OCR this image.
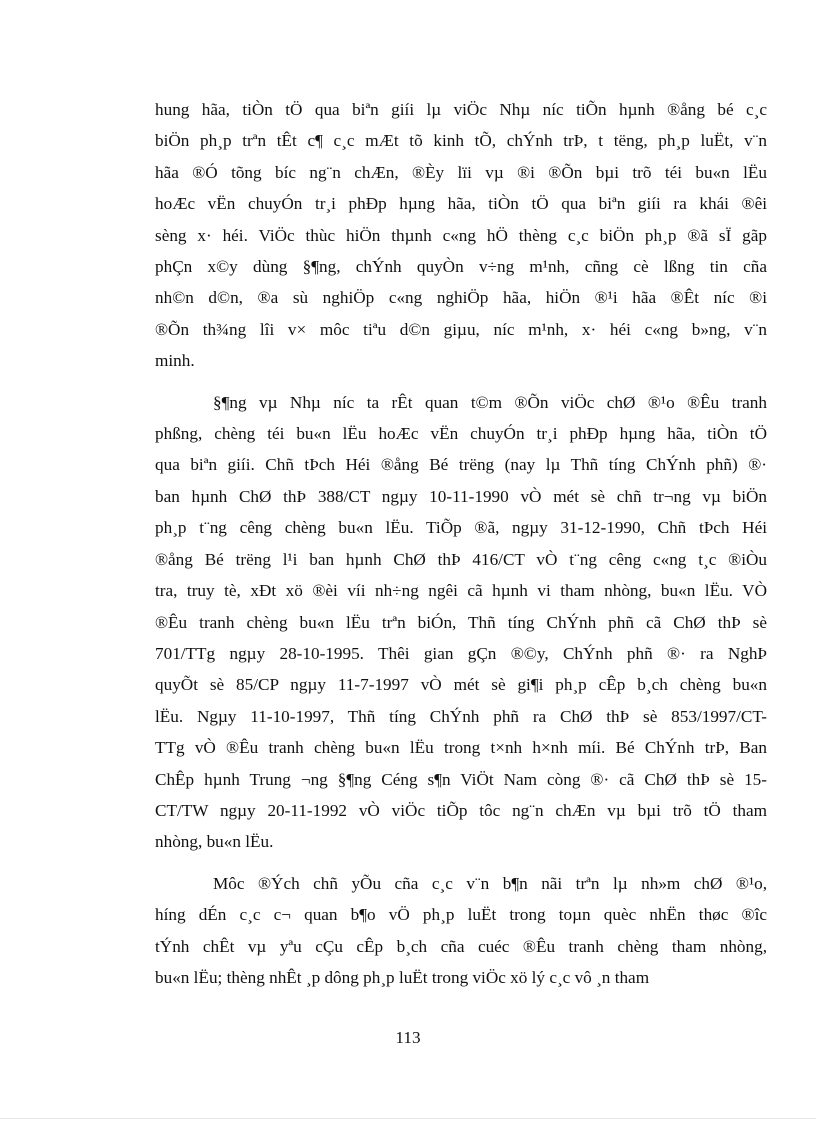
hung hãa, tiÒn tÖ qua biªn giíi lµ viÖc Nhµ níc tiÕn hµnh ®ång bé c¸c
biÖn ph¸p trªn tÊt c¶ c¸c mÆt tõ kinh tÕ, chÝnh trÞ, t tëng, ph¸p luËt, v¨n
hãa ®Ó tõng bíc ng¨n chÆn, ®Èy lïi vµ ®i ®Õn bµi trõ téi bu«n lËu
hoÆc vËn chuyÓn tr¸i phÐp hµng hãa, tiÒn tÖ qua biªn giíi ra khái ®êi
sèng x· héi. ViÖc thùc hiÖn thµnh c«ng hÖ thèng c¸c biÖn ph¸p ®ã sÏ gãp
phÇn x©y dùng §¶ng, chÝnh quyÒn v÷ng m¹nh, cñng cè lßng tin cña
nh©n d©n, ®a sù nghiÖp c«ng nghiÖp hãa, hiÖn ®¹i hãa ®Êt níc ®i
®Õn th¾ng lîi v× môc tiªu d©n giµu, níc m¹nh, x· héi c«ng b»ng, v¨n
minh.

§¶ng vµ Nhµ níc ta rÊt quan t©m ®Õn viÖc chØ ®¹o ®Êu tranh
phßng, chèng téi bu«n lËu hoÆc vËn chuyÓn tr¸i phÐp hµng hãa, tiÒn tÖ
qua biªn giíi. Chñ tÞch Héi ®ång Bé trëng (nay lµ Thñ tíng ChÝnh phñ) ®·
ban hµnh ChØ thÞ 388/CT ngµy 10-11-1990 vÒ mét sè chñ tr¬ng vµ biÖn
ph¸p t¨ng cêng chèng bu«n lËu. TiÕp ®ã, ngµy 31-12-1990, Chñ tÞch Héi
®ång Bé trëng l¹i ban hµnh ChØ thÞ 416/CT vÒ t¨ng cêng c«ng t¸c ®iÒu
tra, truy tè, xÐt xö ®èi víi nh÷ng ngêi cã hµnh vi tham nhòng, bu«n lËu. VÒ
®Êu tranh chèng bu«n lËu trªn biÓn, Thñ tíng ChÝnh phñ cã ChØ thÞ sè
701/TTg ngµy 28-10-1995. Thêi gian gÇn ®©y, ChÝnh phñ ®· ra NghÞ
quyÕt sè 85/CP ngµy 11-7-1997 vÒ mét sè gi¶i ph¸p cÊp b¸ch chèng bu«n
lËu. Ngµy 11-10-1997, Thñ tíng ChÝnh phñ ra ChØ thÞ sè 853/1997/CT-
TTg vÒ ®Êu tranh chèng bu«n lËu trong t×nh h×nh míi. Bé ChÝnh trÞ, Ban
ChÊp hµnh Trung ¬ng §¶ng Céng s¶n ViÖt Nam còng ®· cã ChØ thÞ sè 15-
CT/TW ngµy 20-11-1992 vÒ viÖc tiÕp tôc ng¨n chÆn vµ bµi trõ tÖ tham
nhòng, bu«n lËu.

Môc ®Ých chñ yÕu cña c¸c v¨n b¶n nãi trªn lµ nh»m chØ ®¹o,
híng dÉn c¸c c¬ quan b¶o vÖ ph¸p luËt trong toµn quèc nhËn thøc ®îc
tÝnh chÊt vµ yªu cÇu cÊp b¸ch cña cuéc ®Êu tranh chèng tham nhòng,
bu«n lËu; thèng nhÊt ¸p dông ph¸p luËt trong viÖc xö lý c¸c vô ¸n tham

113
